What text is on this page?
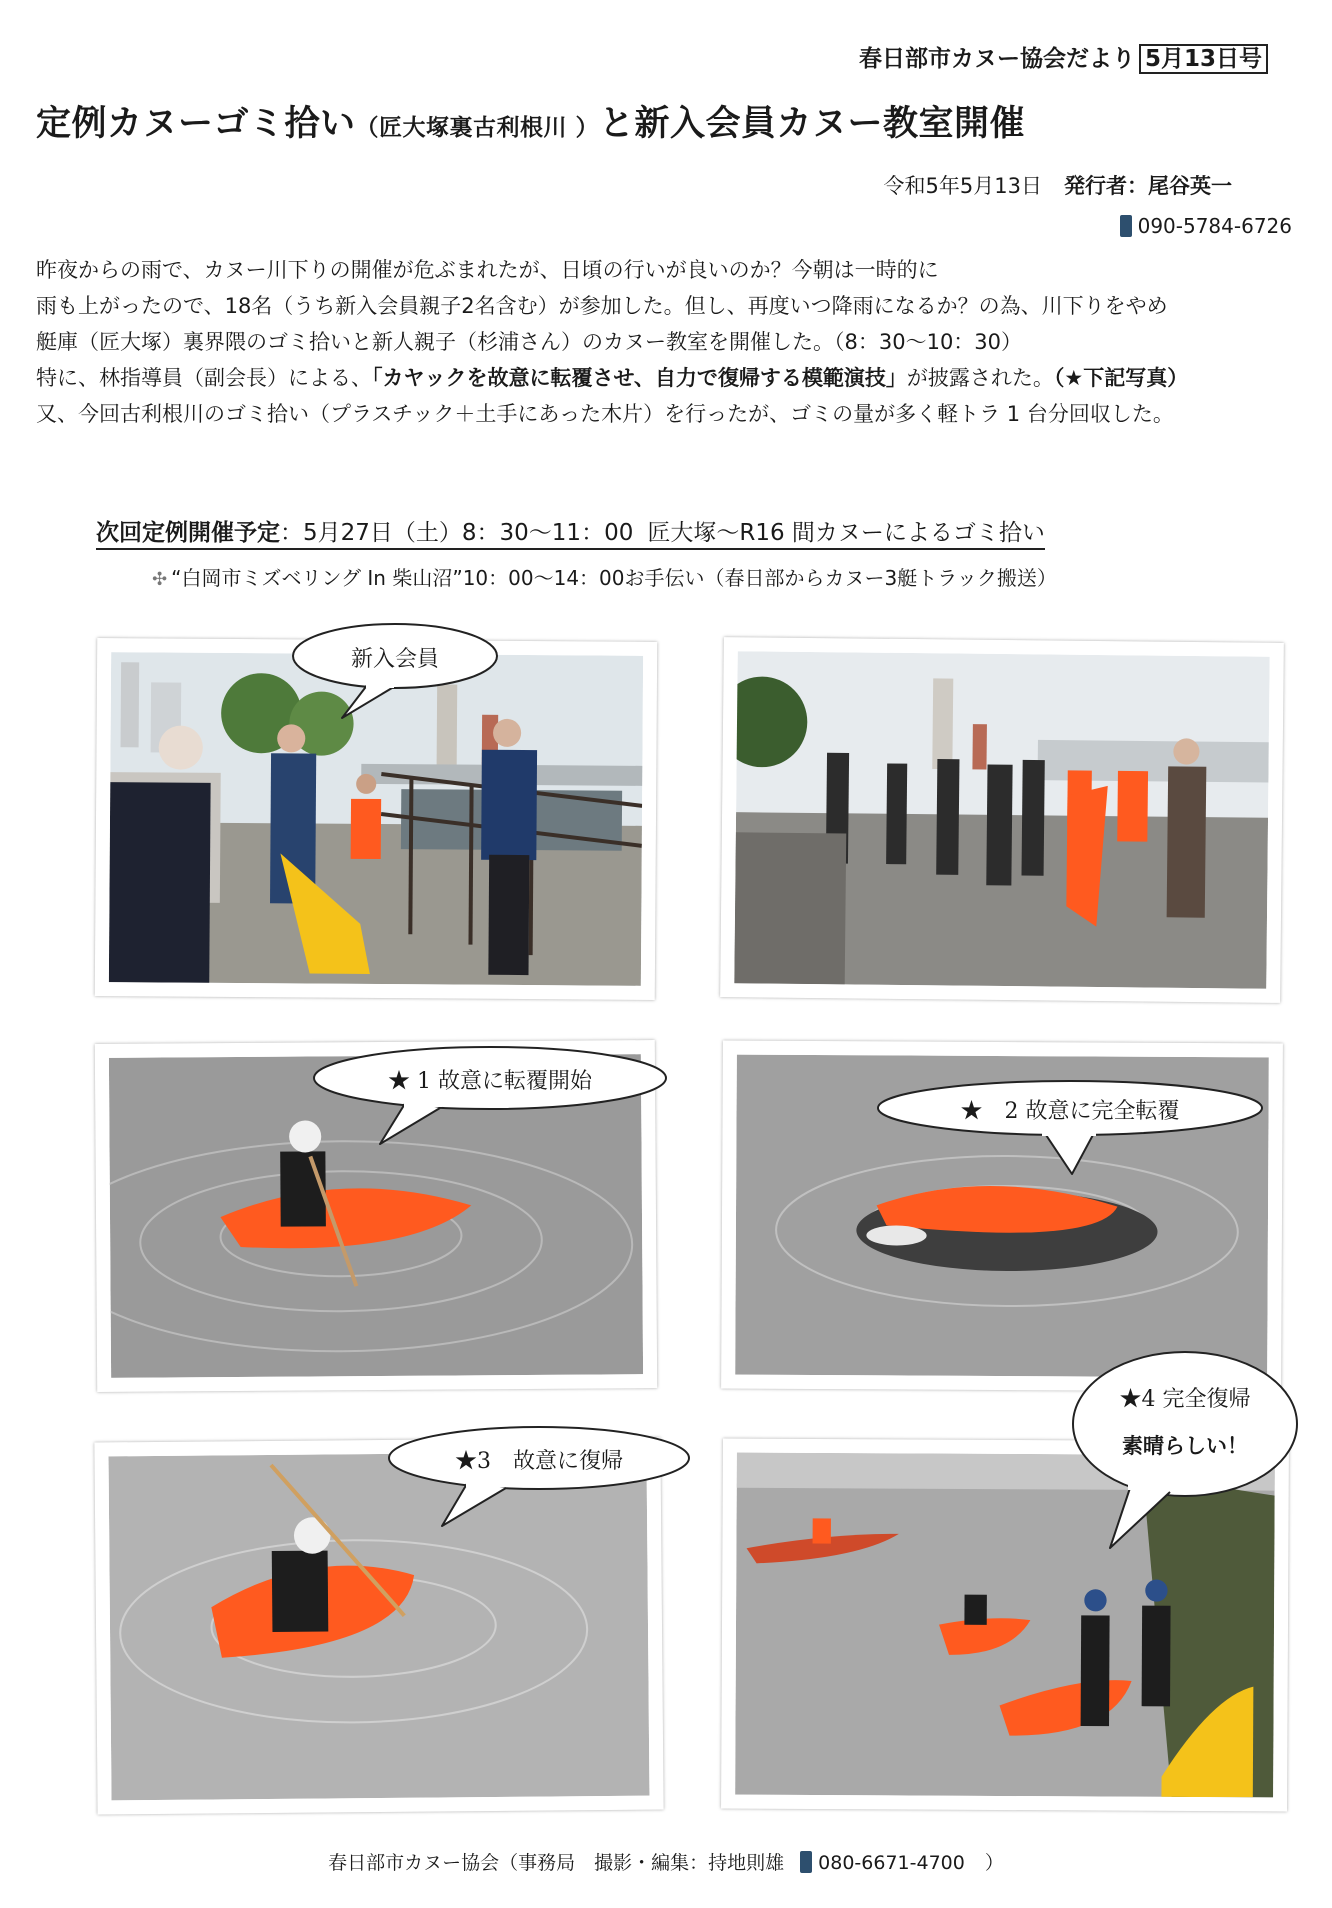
春日部市カヌー協会だより 5月13日号
定例カヌーゴミ拾い（匠大塚裏古利根川 ）と新入会員カヌー教室開催
令和5年5月13日 発行者：尾谷英一
090-5784-6726

昨夜からの雨で、カヌー川下りの開催が危ぶまれたが、日頃の行いが良いのか？今朝は一時的に

雨も上がったので、18名（うち新入会員親子2名含む）が参加した。但し、再度いつ降雨になるか？の為、川下りをやめ

艇庫（匠大塚）裏界隈のゴミ拾いと新人親子（杉浦さん）のカヌー教室を開催した。（8：30～10：30）

特に、林指導員（副会長）による、「カヤックを故意に転覆させ、自力で復帰する模範演技」が披露された。（★下記写真）

又、今回古利根川のゴミ拾い（プラスチック＋土手にあった木片）を行ったが、ゴミの量が多く軽トラ 1 台分回収した。

次回定例開催予定：5月27日（土）8：30～11：00 匠大塚～R16 間カヌーによるゴミ拾い
✣ “白岡市ミズベリング In 柴山沼”10：00～14：00お手伝い（春日部からカヌー3艇トラック搬送）
新入会員
★ 1 故意に転覆開始
★　2 故意に完全転覆
★3　故意に復帰
★4 完全復帰
素晴らしい！
春日部市カヌー協会（事務局　撮影・編集：持地則雄 080-6671-4700 ）
